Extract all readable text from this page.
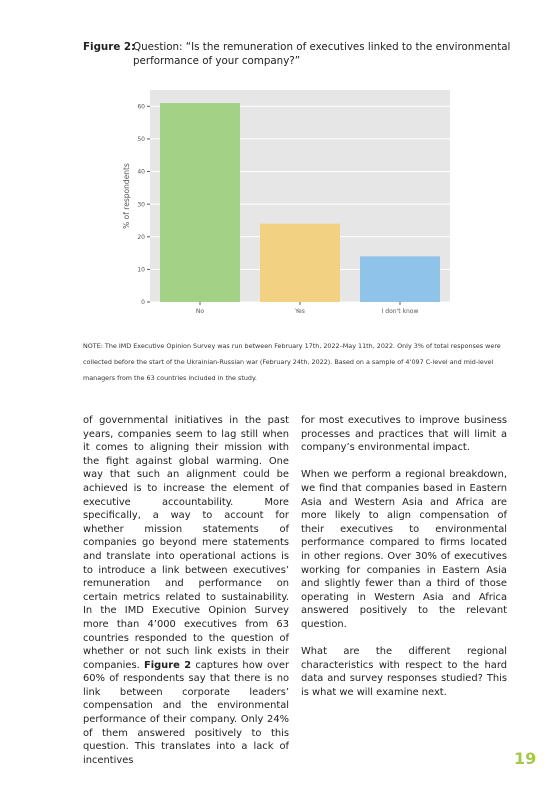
Figure 2:
Question: “Is the remuneration of executives linked to the environmental performance of your company?”
0
10
20
30
40
50
60
No	Yes	I don't know
% of respondents
NOTE: The IMD Executive Opinion Survey was run between February 17th, 2022–May 11th, 2022. Only 3% of total responses were collected before the start of the Ukrainian-Russian war (February 24th, 2022). Based on a sample of 4’097 C-level and mid-level managers from the 63 countries included in the study.

of governmental initiatives in the past years, companies seem to lag still when it comes to aligning their mission with the fight against global warming. One way that such an alignment could be achieved is to increase the element of executive accountability. More specifically, a way to account for whether mission statements of companies go beyond mere statements and translate into operational actions is to introduce a link between executives’ remuneration and performance on certain metrics related to sustainability. In the IMD Executive Opinion Survey more than 4’000 executives from 63 countries responded to the question of whether or not such link exists in their companies. Figure 2 captures how over 60% of respondents say that there is no link between corporate leaders’ compensation and the environmental performance of their company. Only 24% of them answered positively to this question. This translates into a lack of incentives

for most executives to improve business processes and practices that will limit a company’s environmental impact.

When we perform a regional breakdown, we find that companies based in Eastern Asia and Western Asia and Africa are more likely to align compensation of their executives to environmental performance compared to firms located in other regions. Over 30% of executives working for companies in Eastern Asia and slightly fewer than a third of those operating in Western Asia and Africa answered positively to the relevant question.

What are the different regional characteristics with respect to the hard data and survey responses studied? This is what we will examine next.

19
